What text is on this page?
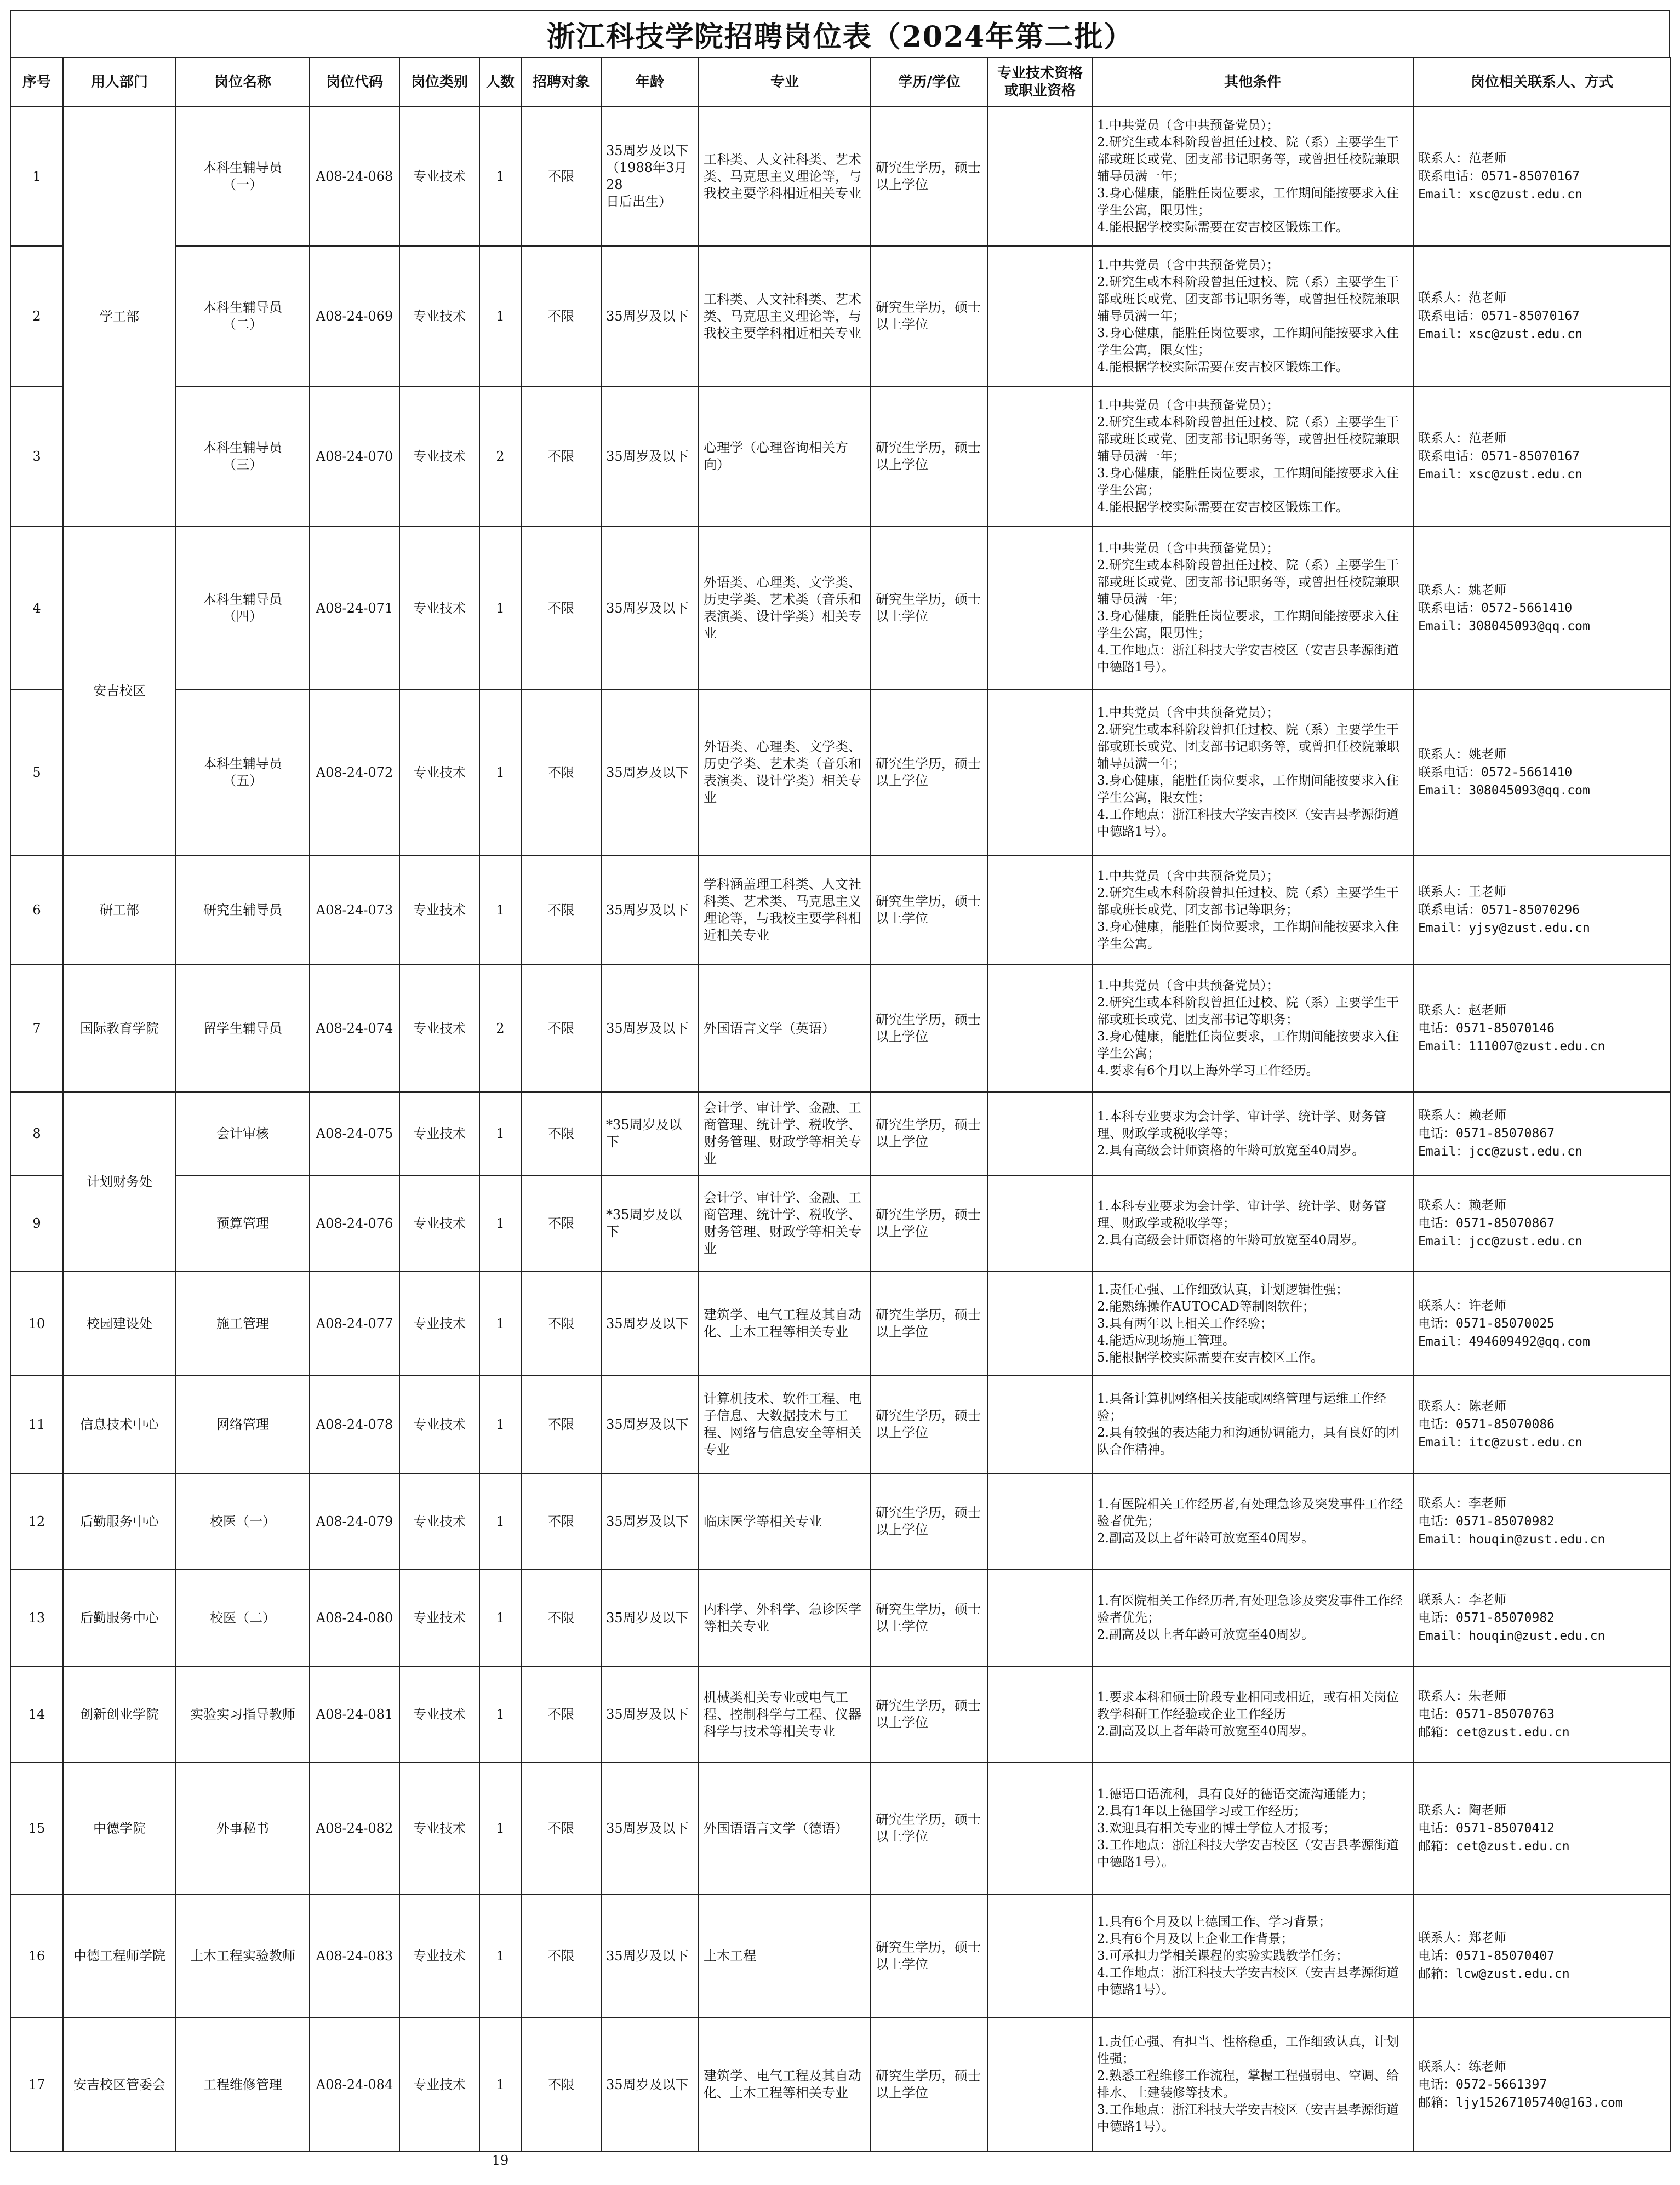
浙江科技学院招聘岗位表（2024年第二批）
序号	用人部门	岗位名称	岗位代码	岗位类别	人数	招聘对象	年龄	专业	学历/学位	专业技术资格或职业资格	其他条件	岗位相关联系人、方式
1	学工部	本科生辅导员
（一）	A08-24-068	专业技术	1	不限	35周岁及以下
（1988年3月28
日后出生）	工科类、人文社科类、艺术类、马克思主义理论等，与我校主要学科相近相关专业	研究生学历，硕士以上学位		1.中共党员（含中共预备党员）；
2.研究生或本科阶段曾担任过校、院（系）主要学生干部或班长或党、团支部书记职务等，或曾担任校院兼职辅导员满一年；
3.身心健康，能胜任岗位要求，工作期间能按要求入住学生公寓，限男性；
4.能根据学校实际需要在安吉校区锻炼工作。	联系人：范老师
联系电话：0571-85070167
Email：xsc@zust.edu.cn
2		本科生辅导员
（二）	A08-24-069	专业技术	1	不限	35周岁及以下	工科类、人文社科类、艺术类、马克思主义理论等，与我校主要学科相近相关专业	研究生学历，硕士以上学位		1.中共党员（含中共预备党员）；
2.研究生或本科阶段曾担任过校、院（系）主要学生干部或班长或党、团支部书记职务等，或曾担任校院兼职辅导员满一年；
3.身心健康，能胜任岗位要求，工作期间能按要求入住学生公寓，限女性；
4.能根据学校实际需要在安吉校区锻炼工作。	联系人：范老师
联系电话：0571-85070167
Email：xsc@zust.edu.cn
3		本科生辅导员
（三）	A08-24-070	专业技术	2	不限	35周岁及以下	心理学（心理咨询相关方向）	研究生学历，硕士以上学位		1.中共党员（含中共预备党员）；
2.研究生或本科阶段曾担任过校、院（系）主要学生干部或班长或党、团支部书记职务等，或曾担任校院兼职辅导员满一年；
3.身心健康，能胜任岗位要求，工作期间能按要求入住学生公寓；
4.能根据学校实际需要在安吉校区锻炼工作。	联系人：范老师
联系电话：0571-85070167
Email：xsc@zust.edu.cn
4	安吉校区	本科生辅导员
（四）	A08-24-071	专业技术	1	不限	35周岁及以下	外语类、心理类、文学类、历史学类、艺术类（音乐和表演类、设计学类）相关专业	研究生学历，硕士以上学位		1.中共党员（含中共预备党员）；
2.研究生或本科阶段曾担任过校、院（系）主要学生干部或班长或党、团支部书记职务等，或曾担任校院兼职辅导员满一年；
3.身心健康，能胜任岗位要求，工作期间能按要求入住学生公寓，限男性；
4.工作地点：浙江科技大学安吉校区（安吉县孝源街道中德路1号）。	联系人：姚老师
联系电话：0572-5661410
Email：308045093@qq.com
5		本科生辅导员
（五）	A08-24-072	专业技术	1	不限	35周岁及以下	外语类、心理类、文学类、历史学类、艺术类（音乐和表演类、设计学类）相关专业	研究生学历，硕士以上学位		1.中共党员（含中共预备党员）；
2.研究生或本科阶段曾担任过校、院（系）主要学生干部或班长或党、团支部书记职务等，或曾担任校院兼职辅导员满一年；
3.身心健康，能胜任岗位要求，工作期间能按要求入住学生公寓，限女性；
4.工作地点：浙江科技大学安吉校区（安吉县孝源街道中德路1号）。	联系人：姚老师
联系电话：0572-5661410
Email：308045093@qq.com
6	研工部	研究生辅导员	A08-24-073	专业技术	1	不限	35周岁及以下	学科涵盖理工科类、人文社科类、艺术类、马克思主义理论等，与我校主要学科相近相关专业	研究生学历，硕士以上学位		1.中共党员（含中共预备党员）；
2.研究生或本科阶段曾担任过校、院（系）主要学生干部或班长或党、团支部书记等职务；
3.身心健康，能胜任岗位要求，工作期间能按要求入住学生公寓。	联系人：王老师
联系电话：0571-85070296
Email：yjsy@zust.edu.cn
7	国际教育学院	留学生辅导员	A08-24-074	专业技术	2	不限	35周岁及以下	外国语言文学（英语）	研究生学历，硕士以上学位		1.中共党员（含中共预备党员）；
2.研究生或本科阶段曾担任过校、院（系）主要学生干部或班长或党、团支部书记等职务；
3.身心健康，能胜任岗位要求，工作期间能按要求入住学生公寓；
4.要求有6个月以上海外学习工作经历。	联系人：赵老师
电话：0571-85070146
Email：111007@zust.edu.cn
8	计划财务处	会计审核	A08-24-075	专业技术	1	不限	*35周岁及以下	会计学、审计学、金融、工商管理、统计学、税收学、财务管理、财政学等相关专业	研究生学历，硕士以上学位		1.本科专业要求为会计学、审计学、统计学、财务管理、财政学或税收学等；
2.具有高级会计师资格的年龄可放宽至40周岁。	联系人：赖老师
电话：0571-85070867
Email：jcc@zust.edu.cn
9		预算管理	A08-24-076	专业技术	1	不限	*35周岁及以下	会计学、审计学、金融、工商管理、统计学、税收学、财务管理、财政学等相关专业	研究生学历，硕士以上学位		1.本科专业要求为会计学、审计学、统计学、财务管理、财政学或税收学等；
2.具有高级会计师资格的年龄可放宽至40周岁。	联系人：赖老师
电话：0571-85070867
Email：jcc@zust.edu.cn
10	校园建设处	施工管理	A08-24-077	专业技术	1	不限	35周岁及以下	建筑学、电气工程及其自动化、土木工程等相关专业	研究生学历，硕士以上学位		1.责任心强、工作细致认真，计划逻辑性强；
2.能熟练操作AUTOCAD等制图软件；
3.具有两年以上相关工作经验；
4.能适应现场施工管理。
5.能根据学校实际需要在安吉校区工作。	联系人：许老师
电话：0571-85070025
Email：494609492@qq.com
11	信息技术中心	网络管理	A08-24-078	专业技术	1	不限	35周岁及以下	计算机技术、软件工程、电子信息、大数据技术与工程、网络与信息安全等相关专业	研究生学历，硕士以上学位		1.具备计算机网络相关技能或网络管理与运维工作经验；
2.具有较强的表达能力和沟通协调能力，具有良好的团队合作精神。	联系人：陈老师
电话：0571-85070086
Email：itc@zust.edu.cn
12	后勤服务中心	校医（一）	A08-24-079	专业技术	1	不限	35周岁及以下	临床医学等相关专业	研究生学历，硕士以上学位		1.有医院相关工作经历者,有处理急诊及突发事件工作经验者优先；
2.副高及以上者年龄可放宽至40周岁。	联系人：李老师
电话：0571-85070982
Email：houqin@zust.edu.cn
13	后勤服务中心	校医（二）	A08-24-080	专业技术	1	不限	35周岁及以下	内科学、外科学、急诊医学等相关专业	研究生学历，硕士以上学位		1.有医院相关工作经历者,有处理急诊及突发事件工作经验者优先；
2.副高及以上者年龄可放宽至40周岁。	联系人：李老师
电话：0571-85070982
Email：houqin@zust.edu.cn
14	创新创业学院	实验实习指导教师	A08-24-081	专业技术	1	不限	35周岁及以下	机械类相关专业或电气工程、控制科学与工程、仪器科学与技术等相关专业	研究生学历，硕士以上学位		1.要求本科和硕士阶段专业相同或相近，或有相关岗位教学科研工作经验或企业工作经历
2.副高及以上者年龄可放宽至40周岁。	联系人：朱老师
电话：0571-85070763
邮箱：cet@zust.edu.cn
15	中德学院	外事秘书	A08-24-082	专业技术	1	不限	35周岁及以下	外国语语言文学（德语）	研究生学历，硕士以上学位		1.德语口语流利，具有良好的德语交流沟通能力；
2.具有1年以上德国学习或工作经历；
3.欢迎具有相关专业的博士学位人才报考；
3.工作地点：浙江科技大学安吉校区（安吉县孝源街道中德路1号）。	联系人：陶老师
电话：0571-85070412
邮箱：cet@zust.edu.cn
16	中德工程师学院	土木工程实验教师	A08-24-083	专业技术	1	不限	35周岁及以下	土木工程	研究生学历，硕士以上学位		1.具有6个月及以上德国工作、学习背景；
2.具有6个月及以上企业工作背景；
3.可承担力学相关课程的实验实践教学任务；
4.工作地点：浙江科技大学安吉校区（安吉县孝源街道中德路1号）。	联系人：郑老师
电话：0571-85070407
邮箱：lcw@zust.edu.cn
17	安吉校区管委会	工程维修管理	A08-24-084	专业技术	1	不限	35周岁及以下	建筑学、电气工程及其自动化、土木工程等相关专业	研究生学历，硕士以上学位		1.责任心强、有担当、性格稳重，工作细致认真，计划性强；
2.熟悉工程维修工作流程，掌握工程强弱电、空调、给排水、土建装修等技术。
3.工作地点：浙江科技大学安吉校区（安吉县孝源街道中德路1号）。	联系人：练老师
电话：0572-5661397
邮箱：ljy15267105740@163.com
					19							
